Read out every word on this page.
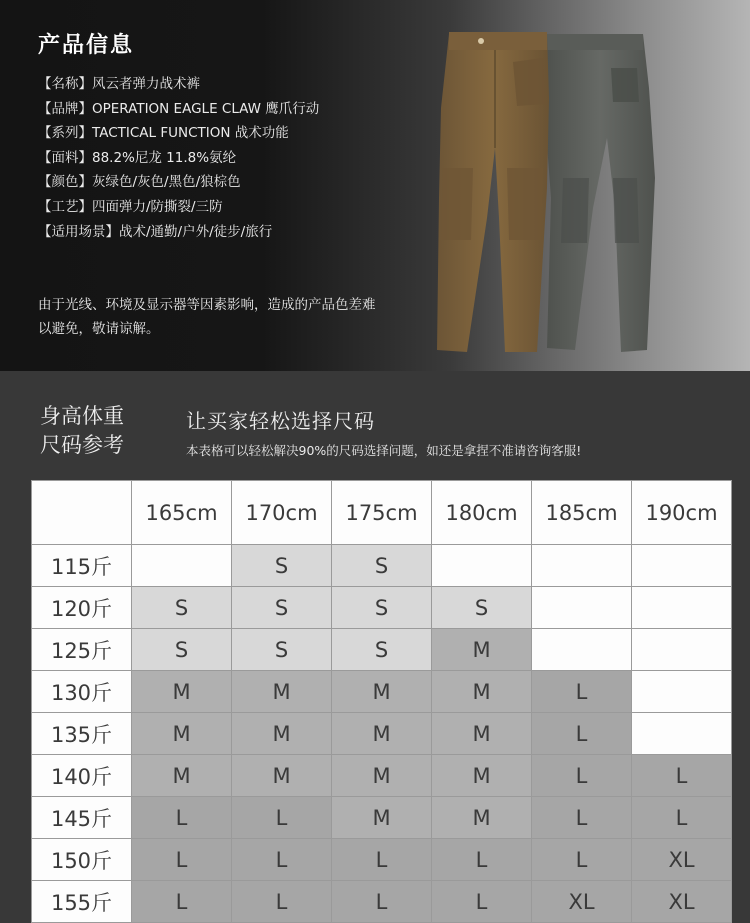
产品信息
【名称】风云者弹力战术裤
【品牌】OPERATION EAGLE CLAW 鹰爪行动
【系列】TACTICAL FUNCTION 战术功能
【面料】88.2%尼龙 11.8%氨纶
【颜色】灰绿色/灰色/黑色/狼棕色
【工艺】四面弹力/防撕裂/三防
【适用场景】战术/通勤/户外/徒步/旅行
由于光线、环境及显示器等因素影响，造成的产品色差难以避免，敬请谅解。
身高体重
尺码参考
让买家轻松选择尺码
本表格可以轻松解决90%的尺码选择问题，如还是拿捏不准请咨询客服!
	165cm	170cm	175cm	180cm	185cm	190cm
115斤		S	S			
120斤	S	S	S	S		
125斤	S	S	S	M		
130斤	M	M	M	M	L	
135斤	M	M	M	M	L	
140斤	M	M	M	M	L	L
145斤	L	L	M	M	L	L
150斤	L	L	L	L	L	XL
155斤	L	L	L	L	XL	XL
